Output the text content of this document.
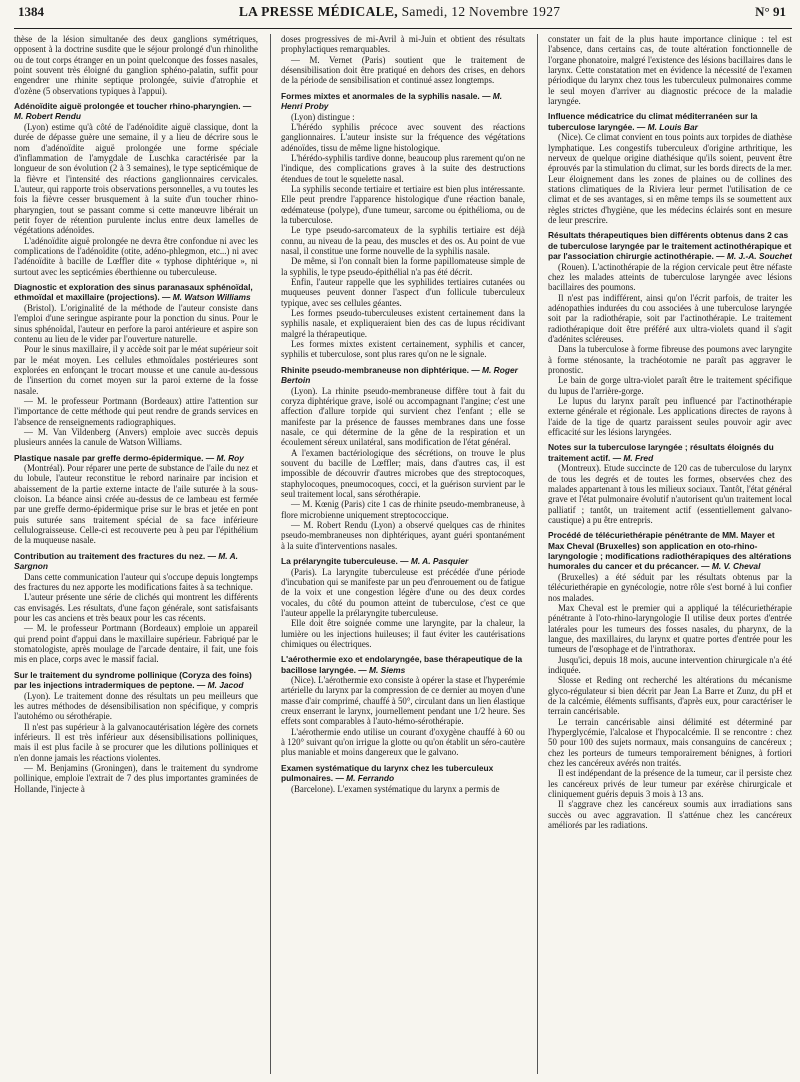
1384	LA PRESSE MÉDICALE, Samedi, 12 Novembre 1927	N° 91

thèse de la lésion simultanée des deux ganglions symétriques, opposent à la doctrine susdite que le séjour prolongé d'un rhinolithe ou de tout corps étranger en un point quelconque des fosses nasales, point souvent très éloigné du ganglion sphéno-palatin, suffit pour engendrer une rhinite septique prolongée, suivie d'atrophie et d'ozène (5 observations typiques à l'appui).

Adénoïdite aiguë prolongée et toucher rhino-pharyngien. — M. Robert Rendu

(Lyon) estime qu'à côté de l'adénoïdite aiguë classique, dont la durée de dépasse guère une semaine, il y a lieu de décrire sous le nom d'adénoïdite aiguë prolongée une forme spéciale d'inflammation de l'amygdale de Luschka caractérisée par la longueur de son évolution (2 à 3 semaines), le type septicémique de la fièvre et l'intensité des réactions ganglionnaires cervicales. L'auteur, qui rapporte trois observations personnelles, a vu toutes les fois la fièvre cesser brusquement à la suite d'un toucher rhino-pharyngien, tout se passant comme si cette manœuvre libérait un petit foyer de rétention purulente inclus entre deux lamelles de végétations adénoïdes.

L'adénoïdite aiguë prolongée ne devra être confondue ni avec les complications de l'adénoïdite (otite, adéno-phlegmon, etc...) ni avec l'adénoïdite à bacille de Lœffler dite « typhose diphtérique », ni surtout avec les septicémies éberthienne ou tuberculeuse.

Diagnostic et exploration des sinus paranasaux sphénoïdal, ethmoïdal et maxillaire (projections). — M. Watson Williams

(Bristol). L'originalité de la méthode de l'auteur consiste dans l'emploi d'une seringue aspirante pour la ponction du sinus. Pour le sinus sphénoïdal, l'auteur en perfore la paroi antérieure et aspire son contenu au lieu de le vider par l'ouverture naturelle.

Pour le sinus maxillaire, il y accède soit par le méat supérieur soit par le méat moyen. Les cellules ethmoïdales postérieures sont explorées en enfonçant le trocart mousse et une canule au-dessous de l'insertion du cornet moyen sur la paroi externe de la fosse nasale.

— M. le professeur Portmann (Bordeaux) attire l'attention sur l'importance de cette méthode qui peut rendre de grands services en l'absence de renseignements radiographiques.

— M. Van Vildenberg (Anvers) emploie avec succès depuis plusieurs années la canule de Watson Williams.

Plastique nasale par greffe dermo-épidermique. — M. Roy

(Montréal). Pour réparer une perte de substance de l'aile du nez et du lobule, l'auteur reconstitue le rebord narinaire par incision et abaissement de la partie externe intacte de l'aile suturée à la sous-cloison. La béance ainsi créée au-dessus de ce lambeau est fermée par une greffe dermo-épidermique prise sur le bras et jetée en pont puis suturée sans traitement spécial de sa face inférieure cellulograisseuse. Celle-ci est recouverte peu à peu par l'épithélium de la muqueuse nasale.

Contribution au traitement des fractures du nez. — M. A. Sargnon

Dans cette communication l'auteur qui s'occupe depuis longtemps des fractures du nez apporte les modifications faites à sa technique.

L'auteur présente une série de clichés qui montrent les différents cas envisagés. Les résultats, d'une façon générale, sont satisfaisants pour les cas anciens et très beaux pour les cas récents.

— M. le professeur Portmann (Bordeaux) emploie un appareil qui prend point d'appui dans le maxillaire supérieur. Fabriqué par le stomatologiste, après moulage de l'arcade dentaire, il fait, une fois mis en place, corps avec le massif facial.

Sur le traitement du syndrome pollinique (Coryza des foins) par les injections intradermiques de peptone. — M. Jacod

(Lyon). Le traitement donne des résultats un peu meilleurs que les autres méthodes de désensibilisation non spécifique, y compris l'autohémo ou sérothérapie.

Il n'est pas supérieur à la galvanocautérisation légère des cornets inférieurs. Il est très inférieur aux désensibilisations polliniques, mais il est plus facile à se procurer que les dilutions polliniques et n'en donne jamais les réactions violentes.

— M. Benjamins (Groningen), dans le traitement du syndrome pollinique, emploie l'extrait de 7 des plus importantes graminées de Hollande, l'injecte à

doses progressives de mi-Avril à mi-Juin et obtient des résultats prophylactiques remarquables.

— M. Vernet (Paris) soutient que le traitement de désensibilisation doit être pratiqué en dehors des crises, en dehors de la période de sensibilisation et continué assez longtemps.

Formes mixtes et anormales de la syphilis nasale. — M. Henri Proby

(Lyon) distingue :

L'hérédo syphilis précoce avec souvent des réactions ganglionnaires. L'auteur insiste sur la fréquence des végétations adénoïdes, tissu de même ligne histologique.

L'hérédo-syphilis tardive donne, beaucoup plus rarement qu'on ne l'indique, des complications graves à la suite des destructions étendues de tout le squelette nasal.

La syphilis seconde tertiaire et tertiaire est bien plus intéressante. Elle peut prendre l'apparence histologique d'une réaction banale, œdémateuse (polype), d'une tumeur, sarcome ou épithélioma, ou de la tuberculose.

Le type pseudo-sarcomateux de la syphilis tertiaire est déjà connu, au niveau de la peau, des muscles et des os. Au point de vue nasal, il constitue une forme nouvelle de la syphilis nasale.

De même, si l'on connaît bien la forme papillomateuse simple de la syphilis, le type pseudo-épithélial n'a pas été décrit.

Enfin, l'auteur rappelle que les syphilides tertiaires cutanées ou muqueuses peuvent donner l'aspect d'un follicule tuberculeux typique, avec ses cellules géantes.

Les formes pseudo-tuberculeuses existent certainement dans la syphilis nasale, et expliqueraient bien des cas de lupus récidivant malgré la thérapeutique.

Les formes mixtes existent certainement, syphilis et cancer, syphilis et tuberculose, sont plus rares qu'on ne le signale.

Rhinite pseudo-membraneuse non diphtérique. — M. Roger Bertoin

(Lyon). La rhinite pseudo-membraneuse diffère tout à fait du coryza diphtérique grave, isolé ou accompagnant l'angine; c'est une affection d'allure torpide qui survient chez l'enfant ; elle se manifeste par la présence de fausses membranes dans une fosse nasale, ce qui détermine de la gêne de la respiration et un écoulement séreux unilatéral, sans modification de l'état général.

A l'examen bactériologique des sécrétions, on trouve le plus souvent du bacille de Lœffler; mais, dans d'autres cas, il est impossible de découvrir d'autres microbes que des streptocoques, staphylocoques, pneumocoques, cocci, et la guérison survient par le seul traitement local, sans sérothérapie.

— M. Kœnig (Paris) cite 1 cas de rhinite pseudo-membraneuse, à flore microbienne uniquement streptococcique.

— M. Robert Rendu (Lyon) a observé quelques cas de rhinites pseudo-membraneuses non diphtériques, ayant guéri spontanément à la suite d'interventions nasales.

La prélaryngite tuberculeuse. — M. A. Pasquier

(Paris). La laryngite tuberculeuse est précédée d'une période d'incubation qui se manifeste par un peu d'enrouement ou de fatigue de la voix et une congestion légère d'une ou des deux cordes vocales, du côté du poumon atteint de tuberculose, c'est ce que l'auteur appelle la prélaryngite tuberculeuse.

Elle doit être soignée comme une laryngite, par la chaleur, la lumière ou les injections huileuses; il faut éviter les cautérisations chimiques ou électriques.

L'aérothermie exo et endolaryngée, base thérapeutique de la bacillose laryngée. — M. Siems

(Nice). L'aérothermie exo consiste à opérer la stase et l'hyperémie artérielle du larynx par la compression de ce dernier au moyen d'une masse d'air comprimé, chauffé à 50°, circulant dans un lien élastique creux enserrant le larynx, journellement pendant une 1/2 heure. Ses effets sont comparables à l'auto-hémo-sérothérapie.

L'aérothermie endo utilise un courant d'oxygène chauffé à 60 ou à 120° suivant qu'on irrigue la glotte ou qu'on établit un séro-cautère plus maniable et moins dangereux que le galvano.

Examen systématique du larynx chez les tuberculeux pulmonaires. — M. Ferrando

(Barcelone). L'examen systématique du larynx a permis de

constater un fait de la plus haute importance clinique : tel est l'absence, dans certains cas, de toute altération fonctionnelle de l'organe phonatoire, malgré l'existence des lésions bacillaires dans le larynx. Cette constatation met en évidence la nécessité de l'examen périodique du larynx chez tous les tuberculeux pulmonaires comme le seul moyen d'arriver au diagnostic précoce de la maladie laryngée.

Influence médicatrice du climat méditerranéen sur la tuberculose laryngée. — M. Louis Bar

(Nice). Ce climat convient en tous points aux torpides de diathèse lymphatique. Les congestifs tuberculeux d'origine arthritique, les nerveux de quelque origine diathésique qu'ils soient, peuvent être éprouvés par la stimulation du climat, sur les bords directs de la mer. Leur éloignement dans les zones de plaines ou de collines des stations climatiques de la Riviera leur permet l'utilisation de ce climat et de ses avantages, si en même temps ils se soumettent aux règles strictes d'hygiène, que les médecins éclairés sont en mesure de leur prescrire.

Résultats thérapeutiques bien différents obtenus dans 2 cas de tuberculose laryngée par le traitement actinothérapique et par l'association chirurgie actinothérapie. — M. J.-A. Souchet

(Rouen). L'actinothérapie de la région cervicale peut être néfaste chez les malades atteints de tuberculose laryngée avec lésions bacillaires des poumons.

Il n'est pas indifférent, ainsi qu'on l'écrit parfois, de traiter les adénopathies indurées du cou associées à une tuberculose laryngée soit par la radiothérapie, soit par l'actinothérapie. Le traitement radiothérapique doit être préféré aux ultra-violets quand il s'agit d'adénites scléreuses.

Dans la tuberculose à forme fibreuse des poumons avec laryngite à forme sténosante, la trachéotomie ne paraît pas aggraver le pronostic.

Le bain de gorge ultra-violet paraît être le traitement spécifique du lupus de l'arrière-gorge.

Le lupus du larynx paraît peu influencé par l'actinothérapie externe générale et régionale. Les applications directes de rayons à l'aide de la tige de quartz paraissent seules pouvoir agir avec efficacité sur les lésions laryngées.

Notes sur la tuberculose laryngée ; résultats éloignés du traitement actif. — M. Fred

(Montreux). Etude succincte de 120 cas de tuberculose du larynx de tous les degrés et de toutes les formes, observées chez des malades appartenant à tous les milieux sociaux. Tantôt, l'état général grave et l'état pulmonaire évolutif n'autorisent qu'un traitement local palliatif ; tantôt, un traitement actif (essentiellement galvano-caustique) a pu être entrepris.

Procédé de télécuriethérapie pénétrante de MM. Mayer et Max Cheval (Bruxelles) son application en oto-rhino-laryngologie ; modifications radiothérapiques des altérations humorales du cancer et du précancer. — M. V. Cheval

(Bruxelles) a été séduit par les résultats obtenus par la télécuriethérapie en gynécologie, notre rôle s'est borné à lui confier nos malades.

Max Cheval est le premier qui a appliqué la télécuriethérapie pénétrante à l'oto-rhino-laryngologie Il utilise deux portes d'entrée latérales pour les tumeurs des fosses nasales, du pharynx, de la langue, des maxillaires, du larynx et quatre portes d'entrée pour les tumeurs de l'œsophage et de l'intrathorax.

Jusqu'ici, depuis 18 mois, aucune intervention chirurgicale n'a été indiquée.

Slosse et Reding ont recherché les altérations du mécanisme glyco-régulateur si bien décrit par Jean La Barre et Zunz, du pH et de la calcémie, éléments suffisants, d'après eux, pour caractériser le terrain cancérisable.

Le terrain cancérisable ainsi délimité est déterminé par l'hyperglycémie, l'alcalose et l'hypocalcémie. Il se rencontre : chez 50 pour 100 des sujets normaux, mais consanguins de cancéreux ; chez les porteurs de tumeurs temporairement bénignes, à fortiori chez les cancéreux avérés non traités.

Il est indépendant de la présence de la tumeur, car il persiste chez les cancéreux privés de leur tumeur par exérèse chirurgicale et cliniquement guéris depuis 3 mois à 13 ans.

Il s'aggrave chez les cancéreux soumis aux irradiations sans succès ou avec aggravation. Il s'atténue chez les cancéreux améliorés par les radiations.
